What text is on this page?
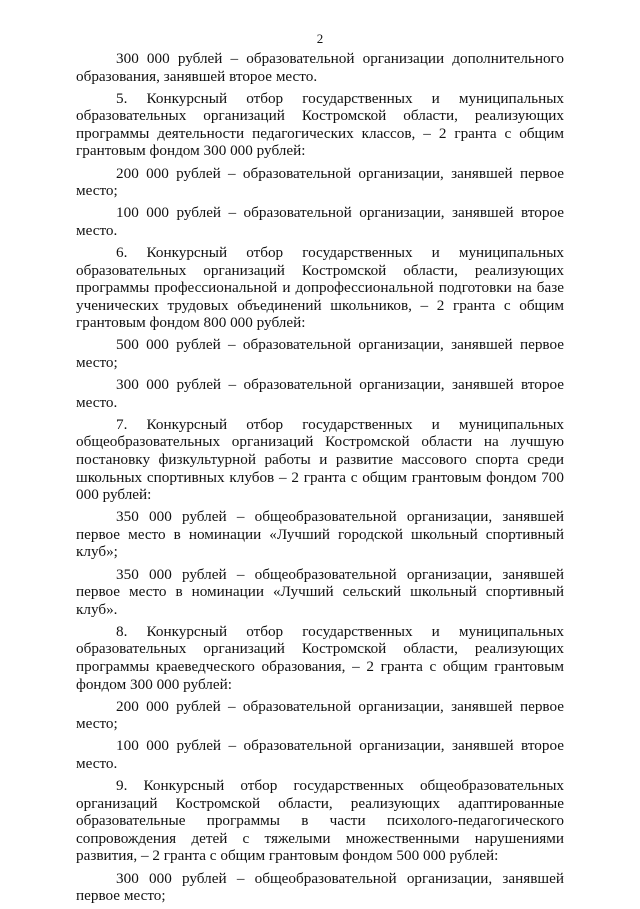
2

300 000 рублей – образовательной организации дополнительного образования, занявшей второе место.

5. Конкурсный отбор государственных и муниципальных образовательных организаций Костромской области, реализующих программы деятельности педагогических классов, – 2 гранта с общим грантовым фондом 300 000 рублей:

200 000 рублей – образовательной организации, занявшей первое место;

100 000 рублей – образовательной организации, занявшей второе место.

6. Конкурсный отбор государственных и муниципальных образовательных организаций Костромской области, реализующих программы профессиональной и допрофессиональной подготовки на базе ученических трудовых объединений школьников, – 2 гранта с общим грантовым фондом 800 000 рублей:

500 000 рублей – образовательной организации, занявшей первое место;

300 000 рублей – образовательной организации, занявшей второе место.

7. Конкурсный отбор государственных и муниципальных общеобразовательных организаций Костромской области на лучшую постановку физкультурной работы и развитие массового спорта среди школьных спортивных клубов – 2 гранта с общим грантовым фондом 700 000 рублей:

350 000 рублей – общеобразовательной организации, занявшей первое место в номинации «Лучший городской школьный спортивный клуб»;

350 000 рублей – общеобразовательной организации, занявшей первое место в номинации «Лучший сельский школьный спортивный клуб».

8. Конкурсный отбор государственных и муниципальных образовательных организаций Костромской области, реализующих программы краеведческого образования, – 2 гранта с общим грантовым фондом 300 000 рублей:

200 000 рублей – образовательной организации, занявшей первое место;

100 000 рублей – образовательной организации, занявшей второе место.

9. Конкурсный отбор государственных общеобразовательных организаций Костромской области, реализующих адаптированные образовательные программы в части психолого-педагогического сопровождения детей с тяжелыми множественными нарушениями развития, – 2 гранта с общим грантовым фондом 500 000 рублей:

300 000 рублей – общеобразовательной организации, занявшей первое место;
